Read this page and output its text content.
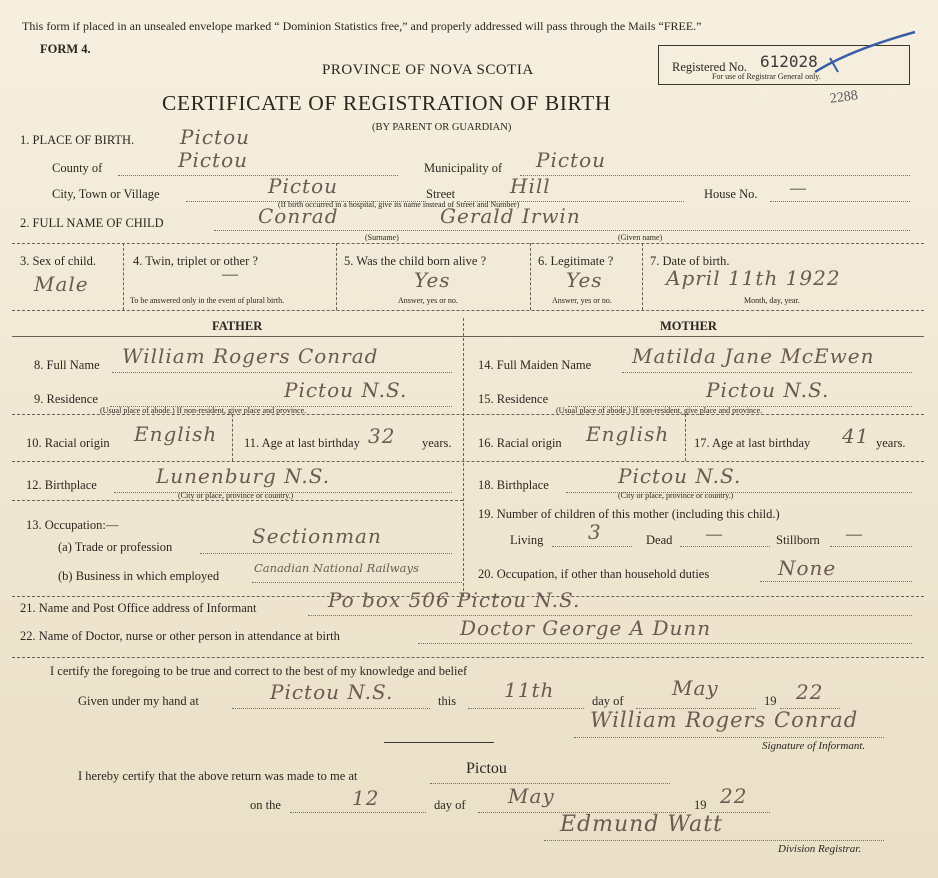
This form if placed in an unsealed envelope marked “ Dominion Statistics free,” and properly addressed will pass through the Mails “FREE.”
FORM 4.
PROVINCE OF NOVA SCOTIA
CERTIFICATE OF REGISTRATION OF BIRTH
(BY PARENT OR GUARDIAN)
Registered No. 612028
For use of Registrar General only.
2288
1. PLACE OF BIRTH. Pictou
County of	Pictou	Municipality of Pictou
City, Town or Village	Pictou	Street	Hill	House No. —
(If birth occurred in a hospital, give its name instead of Street and Number)
2. FULL NAME OF CHILD	Conrad	Gerald Irwin
(Surname)	(Given name)
3. Sex of child.
Male
4. Twin, triplet or other ?
—
To be answered only in the event of plural birth.
5. Was the child born alive ?
Yes
Answer, yes or no.
6. Legitimate ?
Yes
Answer, yes or no.
7. Date of birth.
April 11th 1922
Month, day, year.
FATHER	MOTHER
8. Full Name William Rogers Conrad
9. Residence	Pictou N.S.
(Usual place of abode.) If non-resident, give place and province.
10. Racial origin English 11. Age at last birthday 32 years.
12. Birthplace	Lunenburg N.S.
(City or place, province or country.)
13. Occupation:—
(a) Trade or profession	Sectionman
(b) Business in which employed
Canadian National Railways
14. Full Maiden Name Matilda Jane McEwen
15. Residence	Pictou N.S.
(Usual place of abode.) If non-resident, give place and province.
16. Racial origin English 17. Age at last birthday 41 years.
18. Birthplace	Pictou N.S.
(City or place, province or country.)
19. Number of children of this mother (including this child.)
Living 3	Dead —	Stillborn —
20. Occupation, if other than household duties	None
21. Name and Post Office address of Informant	Po box 506 Pictou N.S.
22. Name of Doctor, nurse or other person in attendance at birth	Doctor George A Dunn
I certify the foregoing to be true and correct to the best of my knowledge and belief
Given under my hand at	Pictou N.S.	this 11th	day of
May
19 22
William Rogers Conrad
Signature of Informant.
I hereby certify that the above return was made to me at	Pictou
on the	12	day of May	19 22
Edmund Watt
Division Registrar.
